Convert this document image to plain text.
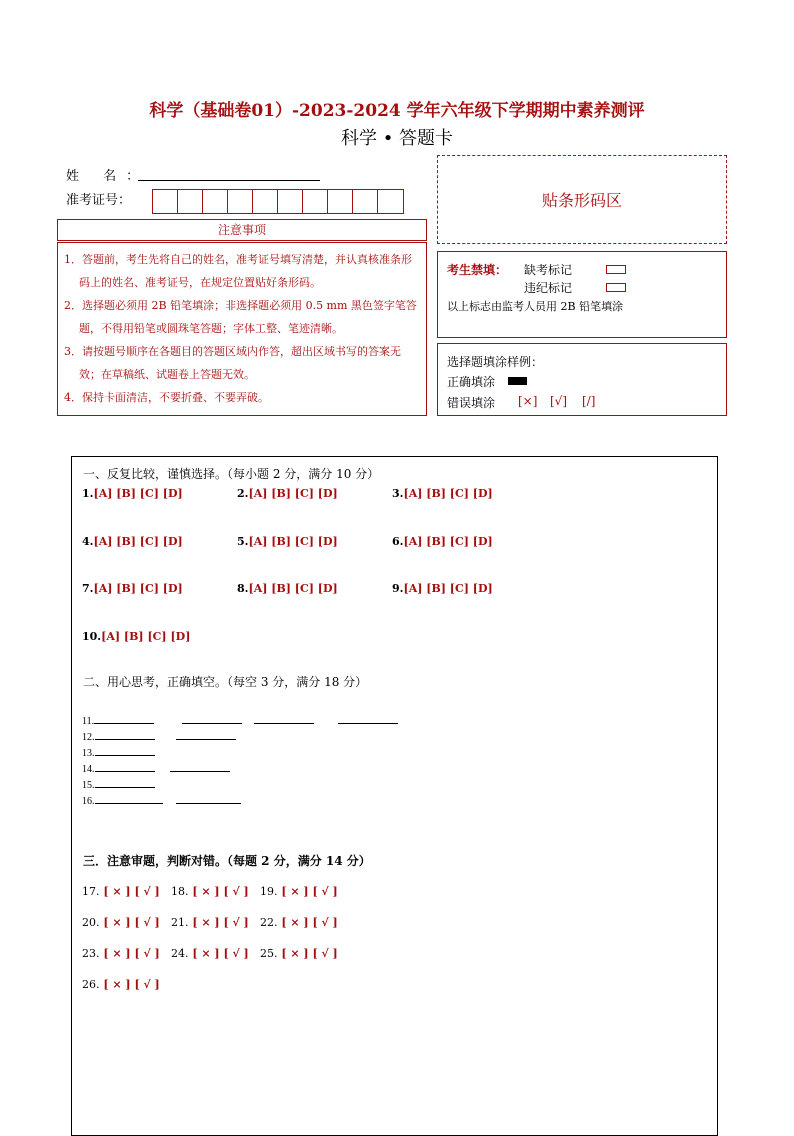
科学（基础卷01）-2023-2024 学年六年级下学期期中素养测评
科学 • 答题卡
姓 名：
准考证号：	贴条形码区
注意事项
1．答题前，考生先将自己的姓名，准考证号填写清楚，并认真核准条形码上的姓名、准考证号，在规定位置贴好条形码。
2．选择题必须用 2B 铅笔填涂；非选择题必须用 0.5 mm 黑色签字笔答题，不得用铅笔或圆珠笔答题；字体工整、笔迹清晰。
3．请按题号顺序在各题目的答题区域内作答，超出区域书写的答案无效；在草稿纸、试题卷上答题无效。
4．保持卡面清洁，不要折叠、不要弄破。
考生禁填： 缺考标记
违纪标记
以上标志由监考人员用 2B 铅笔填涂
选择题填涂样例：
正确填涂
错误填涂 [×] [√] [/]
一、反复比较，谨慎选择。（每小题 2 分，满分 10 分）
1.[A] [B] [C] [D]	2.[A] [B] [C] [D]	3.[A] [B] [C] [D]
4.[A] [B] [C] [D]	5.[A] [B] [C] [D]	6.[A] [B] [C] [D]
7.[A] [B] [C] [D]	8.[A] [B] [C] [D]	9.[A] [B] [C] [D]
10.[A] [B] [C] [D]
二、用心思考，正确填空。（每空 3 分，满分 18 分）
11.
12.
13.
14.
15.
16.
三．注意审题，判断对错。（每题 2 分，满分 14 分）
17. [ × ] [ √ ] 18. [ × ] [ √ ] 19. [ × ] [ √ ]
20. [ × ] [ √ ] 21. [ × ] [ √ ] 22. [ × ] [ √ ]
23. [ × ] [ √ ] 24. [ × ] [ √ ] 25. [ × ] [ √ ]
26. [ × ] [ √ ]
